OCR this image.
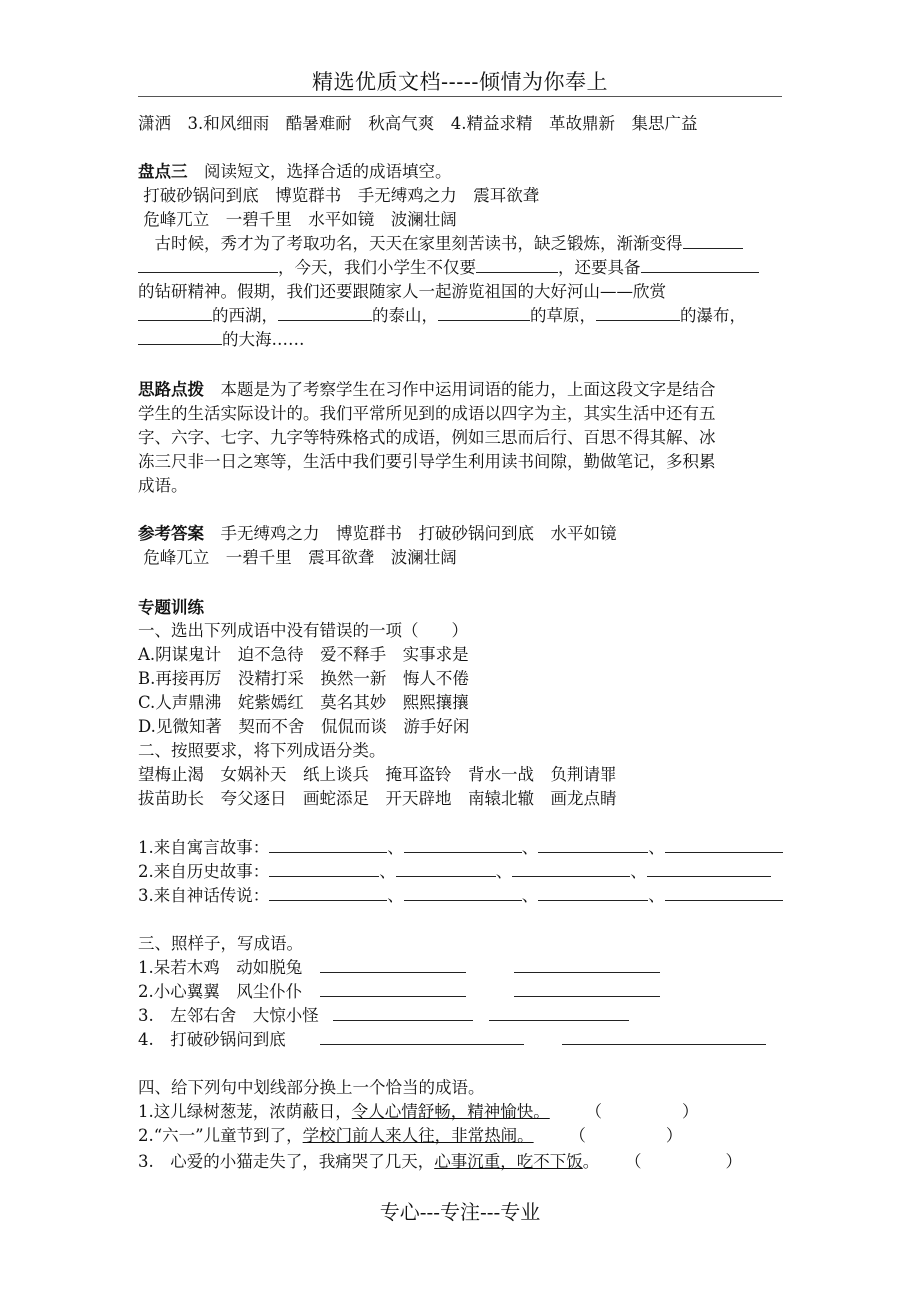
精选优质文档-----倾情为你奉上
潇洒　3.和风细雨　酷暑难耐　秋高气爽　4.精益求精　革故鼎新　集思广益
盘点三　阅读短文，选择合适的成语填空。
打破砂锅问到底　博览群书　手无缚鸡之力　震耳欲聋
危峰兀立　一碧千里　水平如镜　波澜壮阔
　古时候，秀才为了考取功名，天天在家里刻苦读书，缺乏锻炼，渐渐变得
，今天，我们小学生不仅要	，还要具备
的钻研精神。假期，我们还要跟随家人一起游览祖国的大好河山——欣赏
的西湖，	的泰山，	的草原，	的瀑布，
的大海……
思路点拨　本题是为了考察学生在习作中运用词语的能力，上面这段文字是结合
学生的生活实际设计的。我们平常所见到的成语以四字为主，其实生活中还有五
字、六字、七字、九字等特殊格式的成语，例如三思而后行、百思不得其解、冰
冻三尺非一日之寒等，生活中我们要引导学生利用读书间隙，勤做笔记，多积累
成语。
参考答案　手无缚鸡之力　博览群书　打破砂锅问到底　水平如镜
危峰兀立　一碧千里　震耳欲聋　波澜壮阔
专题训练
一、选出下列成语中没有错误的一项（　　）
A.阴谋鬼计　迫不急待　爱不释手　实事求是
B.再接再厉　没精打采　换然一新　悔人不倦
C.人声鼎沸　姹紫嫣红　莫名其妙　熙熙攘攘
D.见微知著　契而不舍　侃侃而谈　游手好闲
二、按照要求，将下列成语分类。
望梅止渴　女娲补天　纸上谈兵　掩耳盗铃　背水一战　负荆请罪
拔苗助长　夸父逐日　画蛇添足　开天辟地　南辕北辙　画龙点睛
1.来自寓言故事：	、	、	、
2.来自历史故事：	、	、	、
3.来自神话传说：	、	、	、
三、照样子，写成语。
1.呆若木鸡　动如脱兔
2.小心翼翼　风尘仆仆
3.　左邻右舍　大惊小怪
4.　打破砂锅问到底
四、给下列句中划线部分换上一个恰当的成语。
1.这儿绿树葱茏，浓荫蔽日，令人心情舒畅，精神愉快。	（	）
2.“六一”儿童节到了，学校门前人来人往，非常热闹。	（	）
3.　心爱的小猫走失了，我痛哭了几天，心事沉重，吃不下饭。 （	）
专心---专注---专业
